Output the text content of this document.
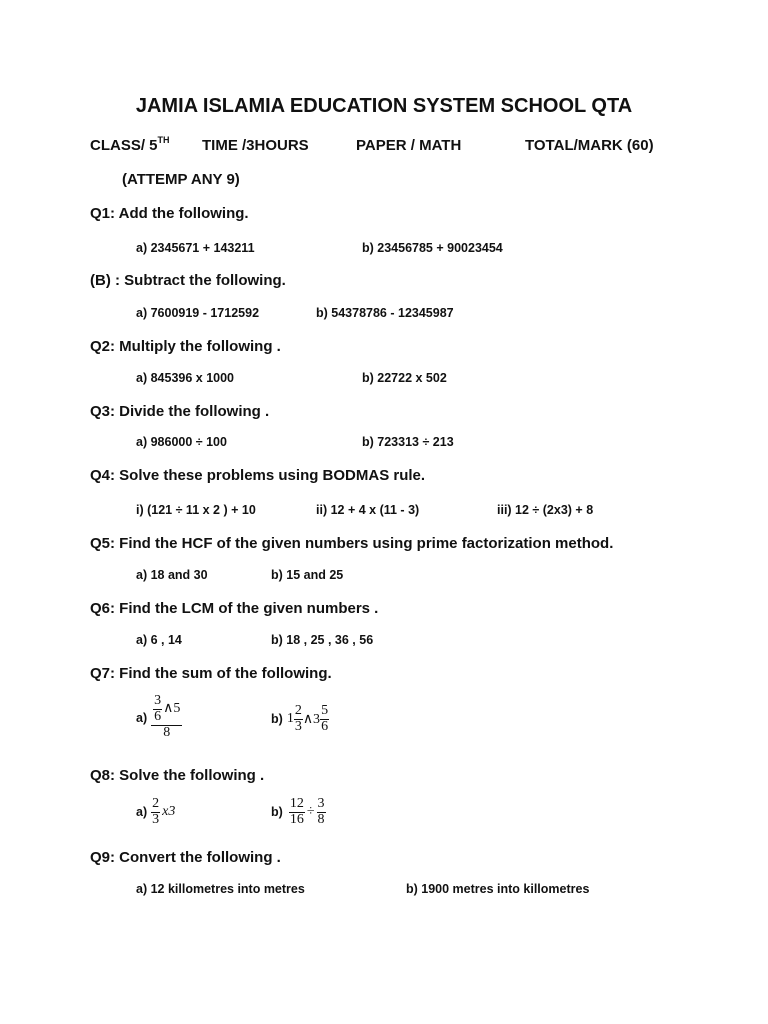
JAMIA ISLAMIA EDUCATION SYSTEM SCHOOL QTA
CLASS/ 5TH TIME /3HOURS	PAPER / MATH	TOTAL/MARK (60)
(ATTEMP ANY 9)
Q1: Add the following.
a) 2345671 + 143211	b) 23456785 + 90023454
(B) : Subtract the following.
a) 7600919 - 1712592	b) 54378786 - 12345987
Q2: Multiply the following .
a) 845396 x 1000	b) 22722 x 502
Q3: Divide the following .
a) 986000 ÷ 100	b) 723313 ÷ 213
Q4: Solve these problems using BODMAS rule.
i) (121 ÷ 11 x 2 ) + 10	ii) 12 + 4 x (11 - 3)	iii) 12 ÷ (2x3) + 8
Q5: Find the HCF of the given numbers using prime factorization method.
a) 18 and 30	b) 15 and 25
Q6: Find the LCM of the given numbers .
a) 6 , 14	b) 18 , 25 , 36 , 56
Q7: Find the sum of the following.
$a) \frac{\frac{3}{6} \wedge 5}{8}$	b) $1 \frac{2}{3}$ ∧3 $\frac{5}{6}$
Q8: Solve the following .
$a) \frac{2}{3} x3$	$b) \frac{12}{16} \div \frac{3}{8}$
Q9: Convert the following .
a) 12 killometres into metres	b) 1900 metres into killometres
